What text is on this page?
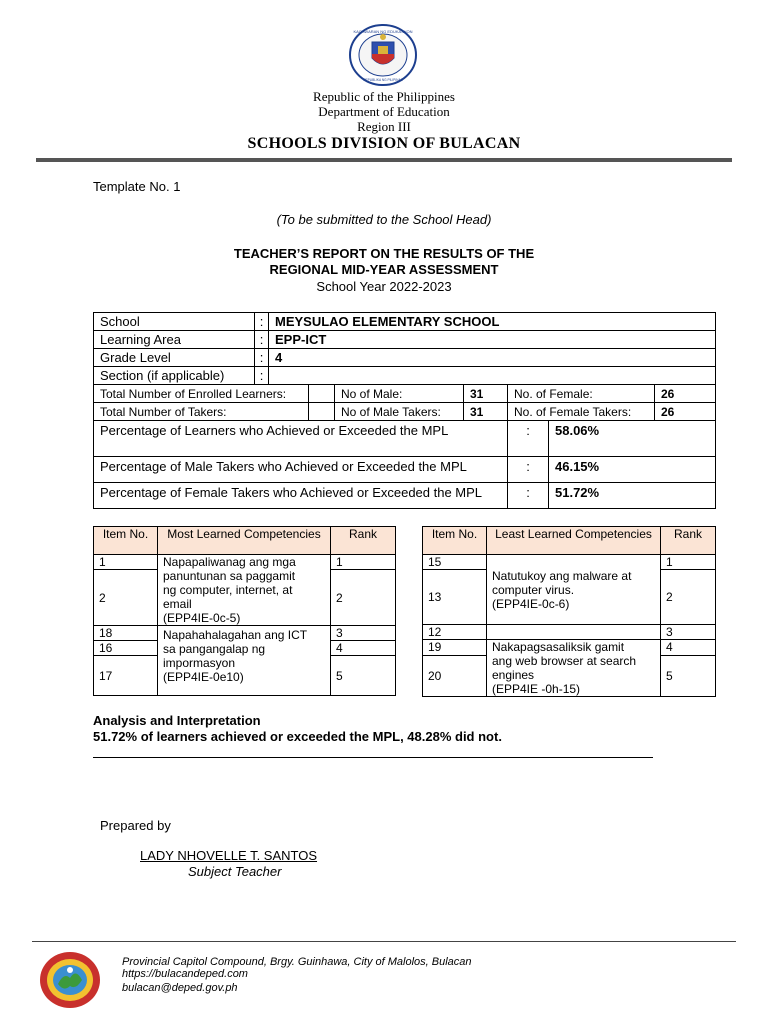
KAGAWARAN NG EDUKASYON
REPUBLIKA NG PILIPINAS
Republic of the Philippines
Department of Education
Region III
SCHOOLS DIVISION OF BULACAN
Template No. 1
(To be submitted to the School Head)
TEACHER’S REPORT ON THE RESULTS OF THE
REGIONAL MID-YEAR ASSESSMENT
School Year 2022-2023
School	:	MEYSULAO ELEMENTARY SCHOOL						
Learning Area	:	EPP-ICT						
Grade Level	:	4						
Section (if applicable)	:							
Total Number of Enrolled Learners:				No of Male:	31	No. of Female:		26
Total Number of Takers:				No of Male Takers:	31	No. of Female Takers:		26
Percentage of Learners who Achieved or Exceeded the MPL						:	58.06%	
Percentage of Male Takers who Achieved or Exceeded the MPL						:	46.15%	
Percentage of Female Takers who Achieved or Exceeded the MPL						:	51.72%	
Item No.	Most Learned Competencies	Rank
1	Napapaliwanag ang mga
panuntunan sa paggamit
ng computer, internet, at
email
(EPP4IE-0c-5)	1
2		2
18	Napahahalagahan ang ICT
sa pangangalap ng
impormasyon
(EPP4IE-0e10)	3
16		4
17		5
Item No.	Least Learned Competencies	Rank
15	Natutukoy ang malware at
computer virus.
(EPP4IE-0c-6)	1
13		2
12		3
19	Nakapagsasaliksik gamit
ang web browser at search
engines
(EPP4IE -0h-15)	4
20		5
Analysis and Interpretation
51.72% of learners achieved or exceeded the MPL, 48.28% did not.
Prepared by
LADY NHOVELLE T. SANTOS
Subject Teacher
Provincial Capitol Compound, Brgy. Guinhawa, City of Malolos, Bulacan
https://bulacandeped.com
bulacan@deped.gov.ph
